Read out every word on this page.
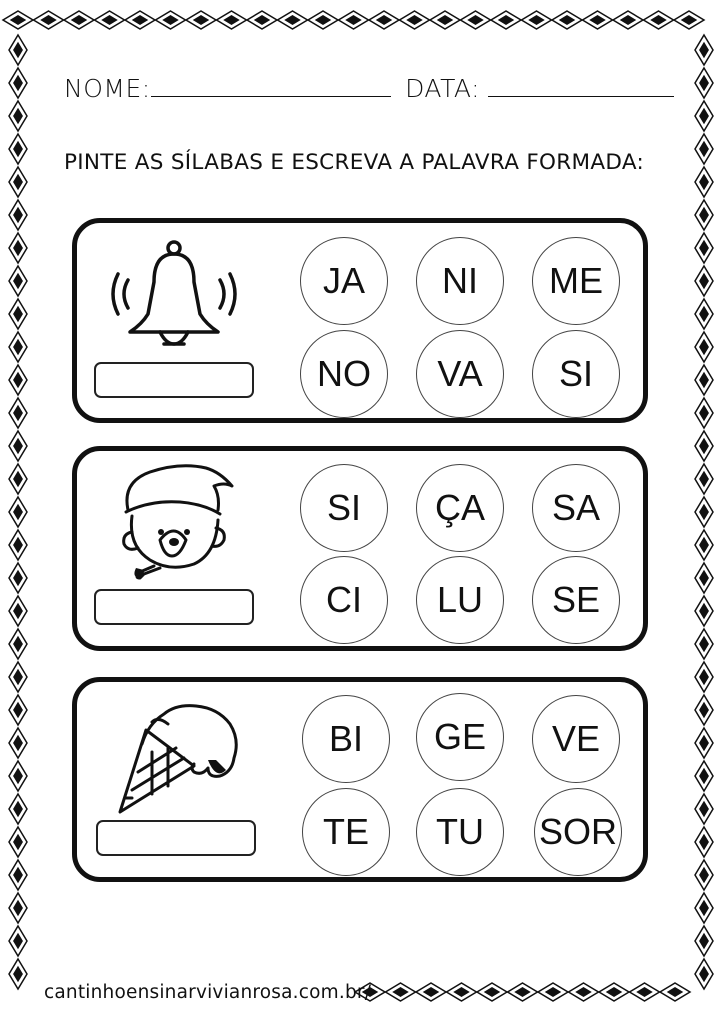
NOME:	DATA:
PINTE AS SÍLABAS E ESCREVA A PALAVRA FORMADA:
JA	NI	ME
NO	VA	SI
SI	ÇA	SA
CI	LU	SE
BI	GE	VE
TE	TU	SOR
cantinhoensinarvivianrosa.com.br/
